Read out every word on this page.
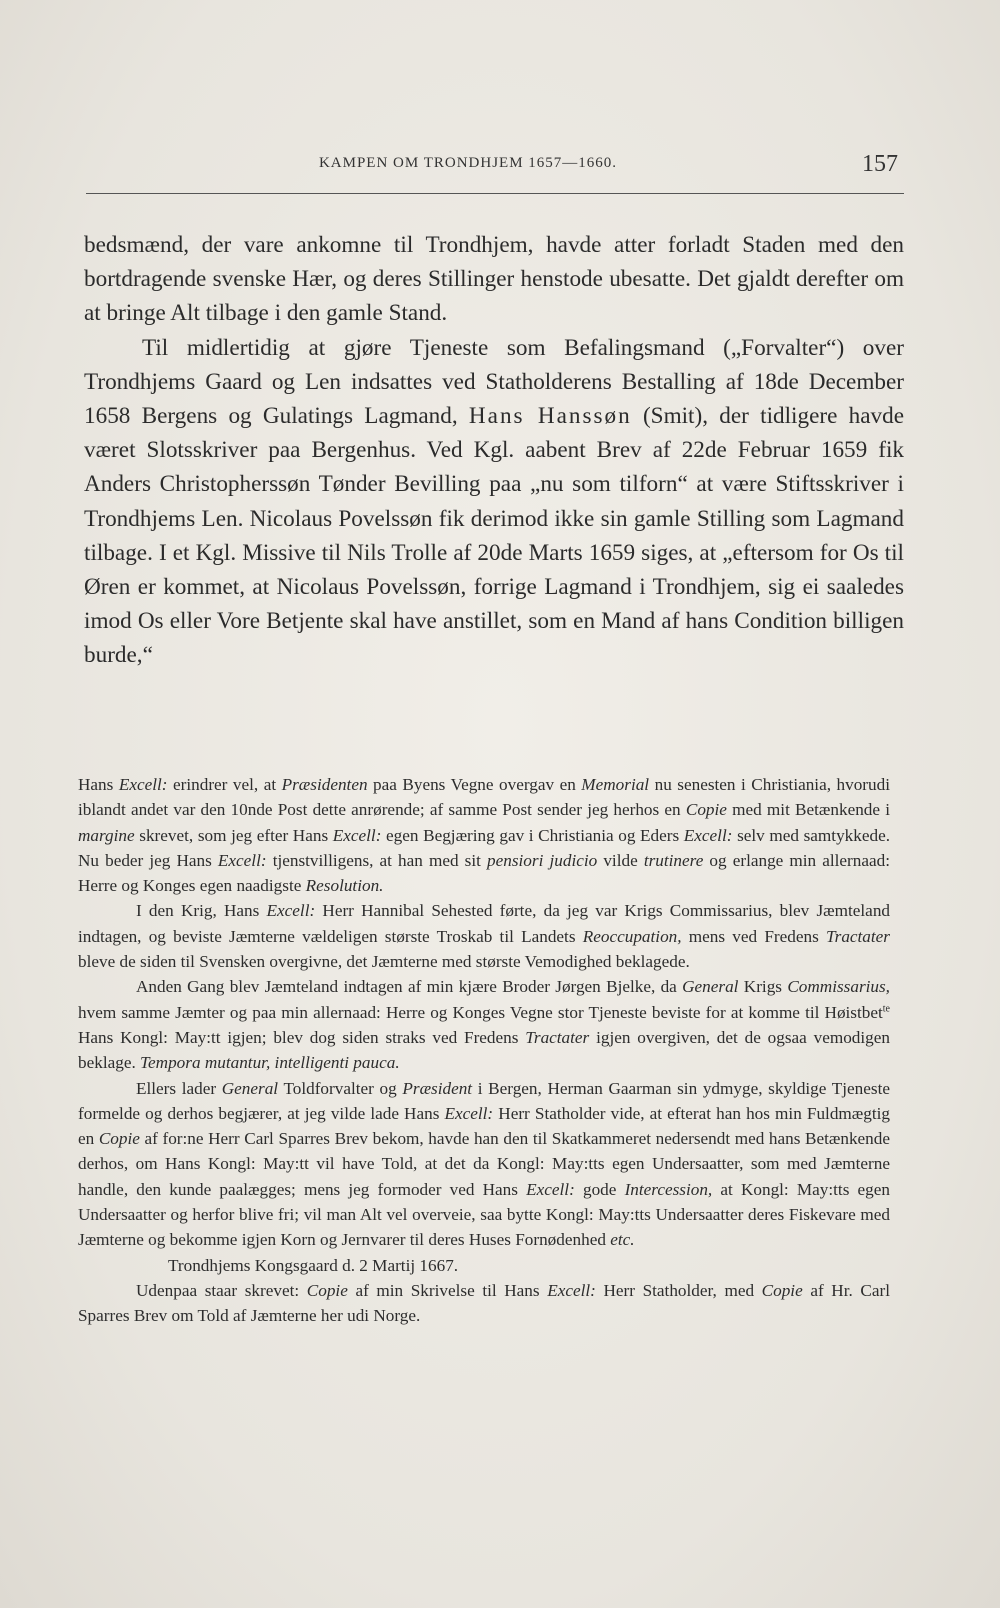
KAMPEN OM TRONDHJEM 1657—1660.	157

bedsmænd, der vare ankomne til Trondhjem, havde atter forladt Staden med den bortdragende svenske Hær, og deres Stillinger henstode ubesatte. Det gjaldt derefter om at bringe Alt tilbage i den gamle Stand.

Til midlertidig at gjøre Tjeneste som Befalingsmand („Forvalter“) over Trondhjems Gaard og Len indsattes ved Statholderens Bestalling af 18de December 1658 Bergens og Gulatings Lagmand, Hans Hanssøn (Smit), der tidligere havde været Slotsskriver paa Bergenhus. Ved Kgl. aabent Brev af 22de Februar 1659 fik Anders Christopherssøn Tønder Bevilling paa „nu som tilforn“ at være Stiftsskriver i Trondhjems Len. Nicolaus Povelssøn fik derimod ikke sin gamle Stilling som Lagmand tilbage. I et Kgl. Missive til Nils Trolle af 20de Marts 1659 siges, at „eftersom for Os til Øren er kommet, at Nicolaus Povelssøn, forrige Lagmand i Trondhjem, sig ei saaledes imod Os eller Vore Betjente skal have anstillet, som en Mand af hans Condition billigen burde,“

Hans Excell: erindrer vel, at Præsidenten paa Byens Vegne overgav en Memorial nu senesten i Christiania, hvorudi iblandt andet var den 10nde Post dette anrørende; af samme Post sender jeg herhos en Copie med mit Betænkende i margine skrevet, som jeg efter Hans Excell: egen Begjæring gav i Christiania og Eders Excell: selv med samtykkede. Nu beder jeg Hans Excell: tjenstvilligens, at han med sit pensiori judicio vilde trutinere og erlange min allernaad: Herre og Konges egen naadigste Resolution.

I den Krig, Hans Excell: Herr Hannibal Sehested førte, da jeg var Krigs Commissarius, blev Jæmteland indtagen, og beviste Jæmterne vældeligen største Troskab til Landets Reoccupation, mens ved Fredens Tractater bleve de siden til Svensken overgivne, det Jæmterne med største Vemodighed beklagede.

Anden Gang blev Jæmteland indtagen af min kjære Broder Jørgen Bjelke, da General Krigs Commissarius, hvem samme Jæmter og paa min allernaad: Herre og Konges Vegne stor Tjeneste beviste for at komme til Høistbet$^{te}$ Hans Kongl: May:tt igjen; blev dog siden straks ved Fredens Tractater igjen overgiven, det de ogsaa vemodigen beklage. Tempora mutantur, intelligenti pauca.

Ellers lader General Toldforvalter og Præsident i Bergen, Herman Gaarman sin ydmyge, skyldige Tjeneste formelde og derhos begjærer, at jeg vilde lade Hans Excell: Herr Statholder vide, at efterat han hos min Fuldmægtig en Copie af for:ne Herr Carl Sparres Brev bekom, havde han den til Skatkammeret nedersendt med hans Betænkende derhos, om Hans Kongl: May:tt vil have Told, at det da Kongl: May:tts egen Undersaatter, som med Jæmterne handle, den kunde paalægges; mens jeg formoder ved Hans Excell: gode Intercession, at Kongl: May:tts egen Undersaatter og herfor blive fri; vil man Alt vel overveie, saa bytte Kongl: May:tts Undersaatter deres Fiskevare med Jæmterne og bekomme igjen Korn og Jernvarer til deres Huses Fornødenhed etc.

Trondhjems Kongsgaard d. 2 Martij 1667.

Udenpaa staar skrevet: Copie af min Skrivelse til Hans Excell: Herr Statholder, med Copie af Hr. Carl Sparres Brev om Told af Jæmterne her udi Norge.
